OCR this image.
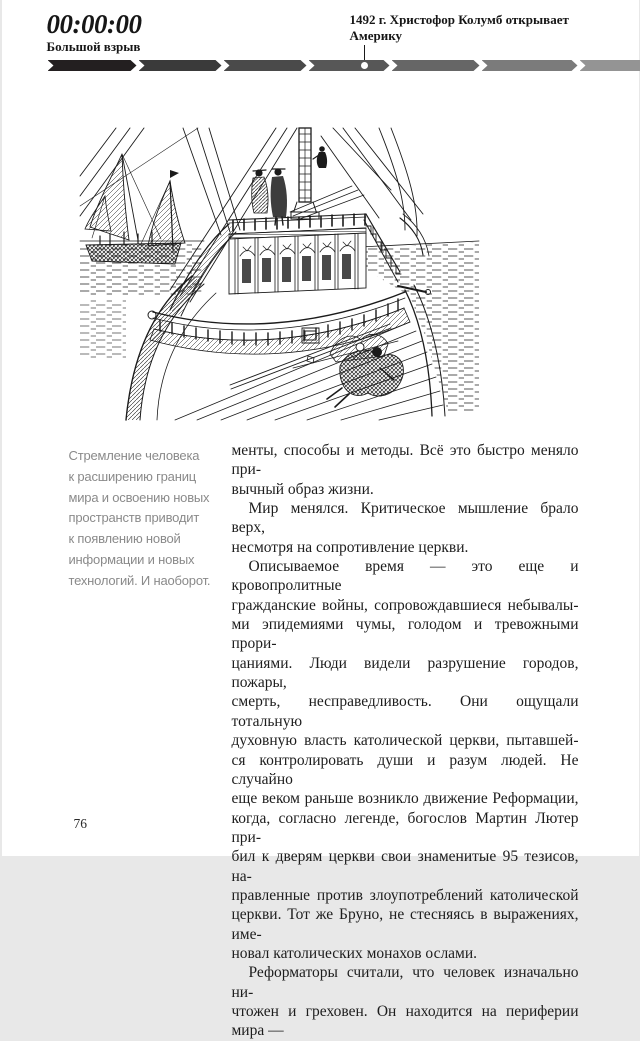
00:00:00
Большой взрыв
1492 г. Христофор Колумб открывает
Америку
Стремление человека
к расширению границ
мира и освоению новых
пространств приводит
к появлению новой
информации и новых
технологий. И наоборот.
менты, способы и методы. Всё это быстро меняло при-
вычный образ жизни.
Мир менялся. Критическое мышление брало верх,
несмотря на сопротивление церкви.
Описываемое время — это еще и кровопролитные
гражданские войны, сопровождавшиеся небывалы-
ми эпидемиями чумы, голодом и тревожными прори-
цаниями. Люди видели разрушение городов, пожары,
смерть, несправедливость. Они ощущали тотальную
духовную власть католической церкви, пытавшей-
ся контролировать души и разум людей. Не случайно
еще веком раньше возникло движение Реформации,
когда, согласно легенде, богослов Мартин Лютер при-
бил к дверям церкви свои знаменитые 95 тезисов, на-
правленные против злоупотреблений католической
церкви. Тот же Бруно, не стесняясь в выражениях, име-
новал католических монахов ослами.
Реформаторы считали, что человек изначально ни-
чтожен и греховен. Он находится на периферии мира —
76
